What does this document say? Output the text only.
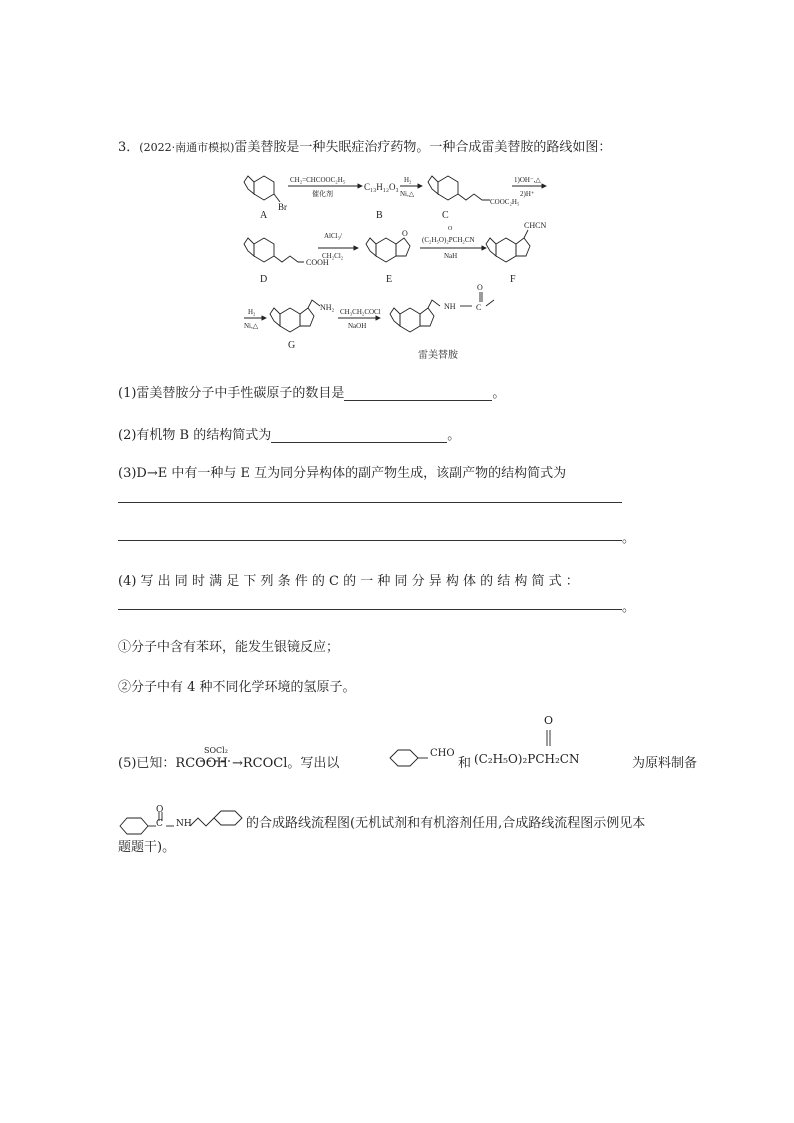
3．(2022·南通市模拟)雷美替胺是一种失眠症治疗药物。一种合成雷美替胺的路线如图：
A
Br
CH₂=CHCOOC₂H₅
催化剂
C₁₃H₁₂O₃
B
H₂
Ni,△
COOC₂H₅
C
1)OH⁻,△
2)H⁺
COOH
D
AlCl₃/
CH₂Cl₂
O
E
O
(C₂H₅O)₂PCH₂CN
NaH
CHCN
F
H₂
Ni,△
NH₂
G
CH₃CH₂COCl
NaOH
NH	C
O
雷美替胺
(1)雷美替胺分子中手性碳原子的数目是	。
(2)有机物 B 的结构简式为	。
(3)D→E 中有一种与 E 互为同分异构体的副产物生成，该副产物的结构简式为
。
(4) 写 出 同 时 满 足 下 列 条 件 的 C 的 一 种 同 分 异 构 体 的 结 构 简 式 ：
。
①分子中含有苯环，能发生银镜反应；
②分子中有 4 种不同化学环境的氢原子。
(5)已知：RCOOH
SOCl₂
→RCOCl。写出以
CHO
和
O
(C₂H₅O)₂PCH₂CN	为原料制备
O
C NH	的合成路线流程图(无机试剂和有机溶剂任用,合成路线流程图示例见本
题题干)。
